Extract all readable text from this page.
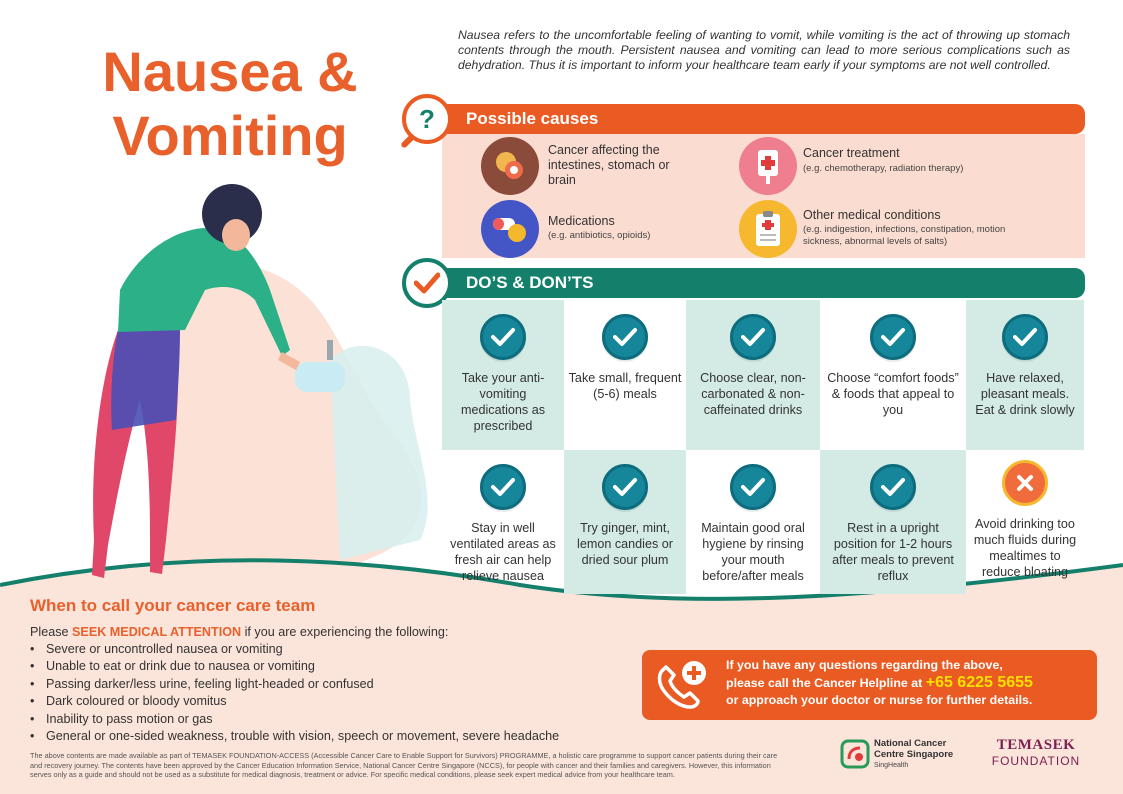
Nausea &
Vomiting
Nausea refers to the uncomfortable feeling of wanting to vomit, while vomiting is the act of throwing up stomach contents through the mouth. Persistent nausea and vomiting can lead to more serious complications such as dehydration. Thus it is important to inform your healthcare team early if your symptoms are not well controlled.
Possible causes
?
Cancer affecting the intestines, stomach or brain
Cancer treatment
(e.g. chemotherapy, radiation therapy)
Medications
(e.g. antibiotics, opioids)
Other medical conditions
(e.g. indigestion, infections, constipation, motion sickness, abnormal levels of salts)
DO’S & DON’TS
Take your anti-vomiting medications as prescribed
Take small, frequent (5-6) meals
Choose clear, non-carbonated & non-caffeinated drinks
Choose “comfort foods” & foods that appeal to you
Have relaxed, pleasant meals. Eat & drink slowly
Stay in well ventilated areas as fresh air can help relieve nausea
Try ginger, mint, lemon candies or dried sour plum
Maintain good oral hygiene by rinsing your mouth before/after meals
Rest in a upright position for 1-2 hours after meals to prevent reflux
Avoid drinking too much fluids during mealtimes to reduce bloating
When to call your cancer care team
Please SEEK MEDICAL ATTENTION if you are experiencing the following:
• Severe or uncontrolled nausea or vomiting
• Unable to eat or drink due to nausea or vomiting
• Passing darker/less urine, feeling light-headed or confused
• Dark coloured or bloody vomitus
• Inability to pass motion or gas
• General or one-sided weakness, trouble with vision, speech or movement, severe headache
If you have any questions regarding the above,
please call the Cancer Helpline at +65 6225 5655
or approach your doctor or nurse for further details.
The above contents are made available as part of TEMASEK FOUNDATION-ACCESS (Accessible Cancer Care to Enable Support for Survivors) PROGRAMME, a holistic care programme to support cancer patients during their care and recovery journey. The contents have been approved by the Cancer Education Information Service, National Cancer Centre Singapore (NCCS), for people with cancer and their families and caregivers. However, this information serves only as a guide and should not be used as a substitute for medical diagnosis, treatment or advice. For specific medical conditions, please seek expert medical advice from your healthcare team.
National Cancer
Centre Singapore
SingHealth
TEMASEK
FOUNDATION
